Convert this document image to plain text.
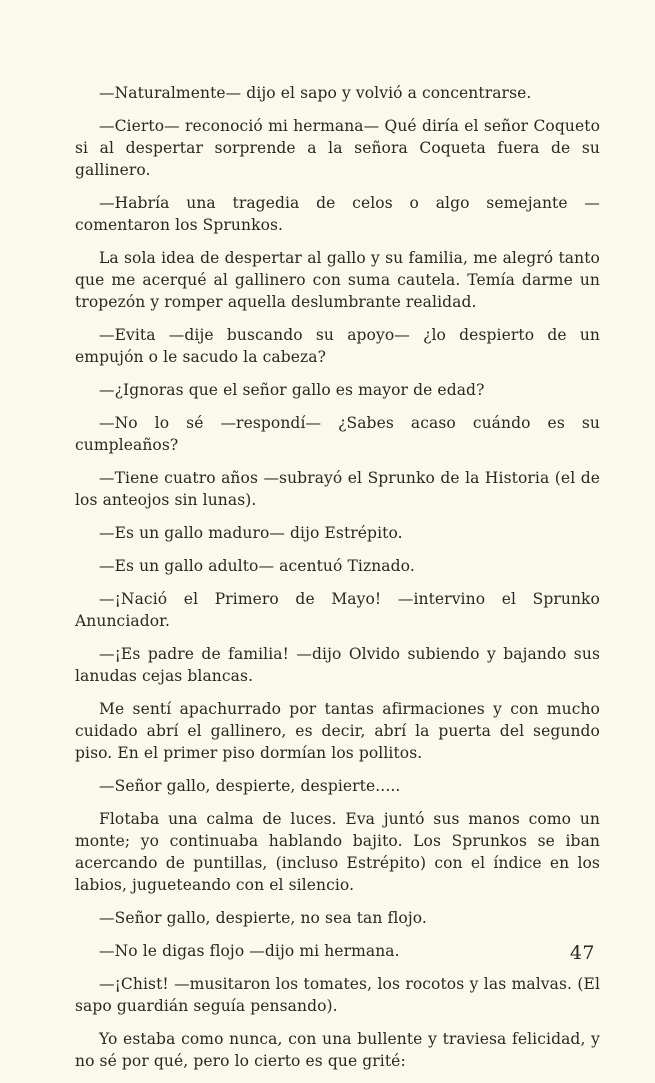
—Naturalmente— dijo el sapo y volvió a concentrarse.

—Cierto— reconoció mi hermana— Qué diría el señor Coqueto si al despertar sorprende a la señora Coqueta fuera de su gallinero.

—Habría una tragedia de celos o algo semejante —comentaron los Sprunkos.

La sola idea de despertar al gallo y su familia, me alegró tanto que me acerqué al gallinero con suma cautela. Temía darme un tropezón y romper aquella deslumbrante realidad.

—Evita —dije buscando su apoyo— ¿lo despierto de un empujón o le sacudo la cabeza?

—¿Ignoras que el señor gallo es mayor de edad?

—No lo sé —respondí— ¿Sabes acaso cuándo es su cumpleaños?

—Tiene cuatro años —subrayó el Sprunko de la Historia (el de los anteojos sin lunas).

—Es un gallo maduro— dijo Estrépito.

—Es un gallo adulto— acentuó Tiznado.

—¡Nació el Primero de Mayo! —intervino el Sprunko Anunciador.

—¡Es padre de familia! —dijo Olvido subiendo y bajando sus lanudas cejas blancas.

Me sentí apachurrado por tantas afirmaciones y con mucho cuidado abrí el gallinero, es decir, abrí la puerta del segundo piso. En el primer piso dormían los pollitos.

—Señor gallo, despierte, despierte.....

Flotaba una calma de luces. Eva juntó sus manos como un monte; yo continuaba hablando bajito. Los Sprunkos se iban acercando de puntillas, (incluso Estrépito) con el índice en los labios, jugueteando con el silencio.

—Señor gallo, despierte, no sea tan flojo.

—No le digas flojo —dijo mi hermana.

—¡Chist! —musitaron los tomates, los rocotos y las malvas. (El sapo guardián seguía pensando).

Yo estaba como nunca, con una bullente y traviesa felicidad, y no sé por qué, pero lo cierto es que grité:

47
